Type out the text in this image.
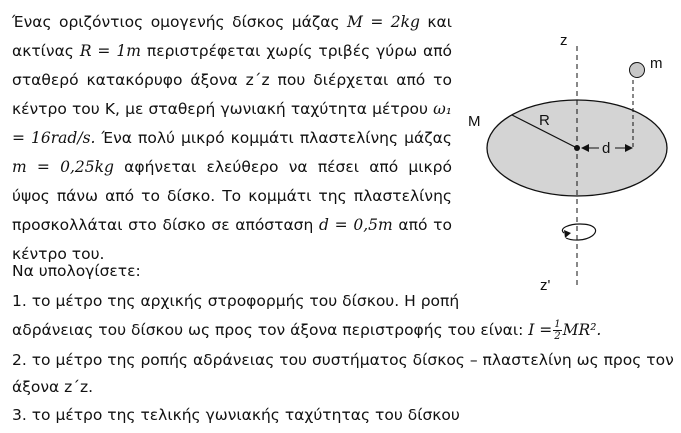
Ένας οριζόντιος ομογενής δίσκος μάζας M = 2kg και ακτίνας R = 1m περιστρέφεται χωρίς τριβές γύρω από σταθερό κατακόρυφο άξονα z΄z που διέρχεται από το κέντρο του K, με σταθερή γωνιακή ταχύτητα μέτρου ω₁ = 16rad/s. Ένα πολύ μικρό κομμάτι πλαστελίνης μάζας m = 0,25kg αφήνεται ελεύθερο να πέσει από μικρό ύψος πάνω από το δίσκο. Το κομμάτι της πλαστελίνης προσκολλάται στο δίσκο σε απόσταση d = 0,5m από το κέντρο του.
Να υπολογίσετε:
1. το μέτρο της αρχικής στροφορμής του δίσκου. Η ροπή
αδράνειας του δίσκου ως προς τον άξονα περιστροφής του είναι: $I = \frac{1}{2} MR^2$.
2. το μέτρο της ροπής αδράνειας του συστήματος δίσκος – πλαστελίνη ως προς τον
άξονα z΄z.
3. το μέτρο της τελικής γωνιακής ταχύτητας του δίσκου
z
m
M	R
d
z'
